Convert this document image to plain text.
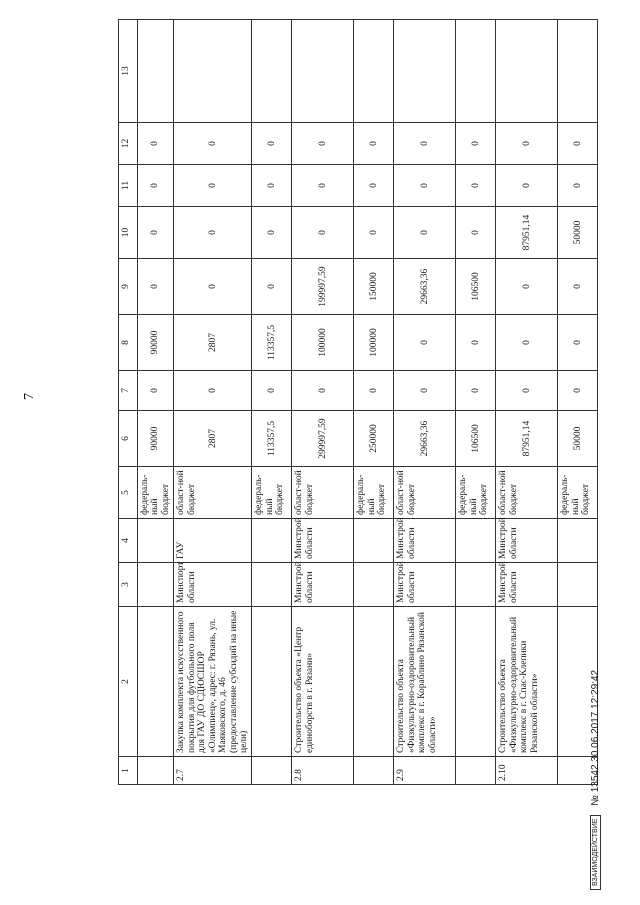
7
1	2	3	4	5	6	7	8	9	10	11	12	13
				федераль-ный бюджет	90000	0	90000	0	0	0	0	
2.7	Закупка комплекта искусственного покрытия для футбольного поля для ГАУ ДО СДЮСШОР «Олимпиец», адрес: г. Рязань, ул. Маяковского, д. 46 (предоставление субсидий на иные цели)	Минспорт области	ГАУ	област-ной бюджет	2807	0	2807	0	0	0	0	
				федераль-ный бюджет	113357,5	0	113357,5	0	0	0	0	
2.8	Строительство объекта «Центр единоборств в г. Рязани»	Минстрой области	Минстрой области	област-ной бюджет	299997,59	0	100000	199997,59	0	0	0	
				федераль-ный бюджет	250000	0	100000	150000	0	0	0	
2.9	Строительство объекта «Физкультурно-оздоровительный комплекс в г. Кораблино Рязанской области»	Минстрой области	Минстрой области	област-ной бюджет	29663,36	0	0	29663,36	0	0	0	
				федераль-ный бюджет	106500	0	0	106500	0	0	0	
2.10	Строительство объекта «Физкультурно-оздоровительный комплекс в г. Спас-Клепики Рязанской области»	Минстрой области	Минстрой области	област-ной бюджет	87951,14	0	0	0	87951,14	0	0	
				федераль-ный бюджет	50000	0	0	0	50000	0	0	
ВЗАИМОДЕЙСТВИЕ № 13542 30.06.2017 12:29:42
